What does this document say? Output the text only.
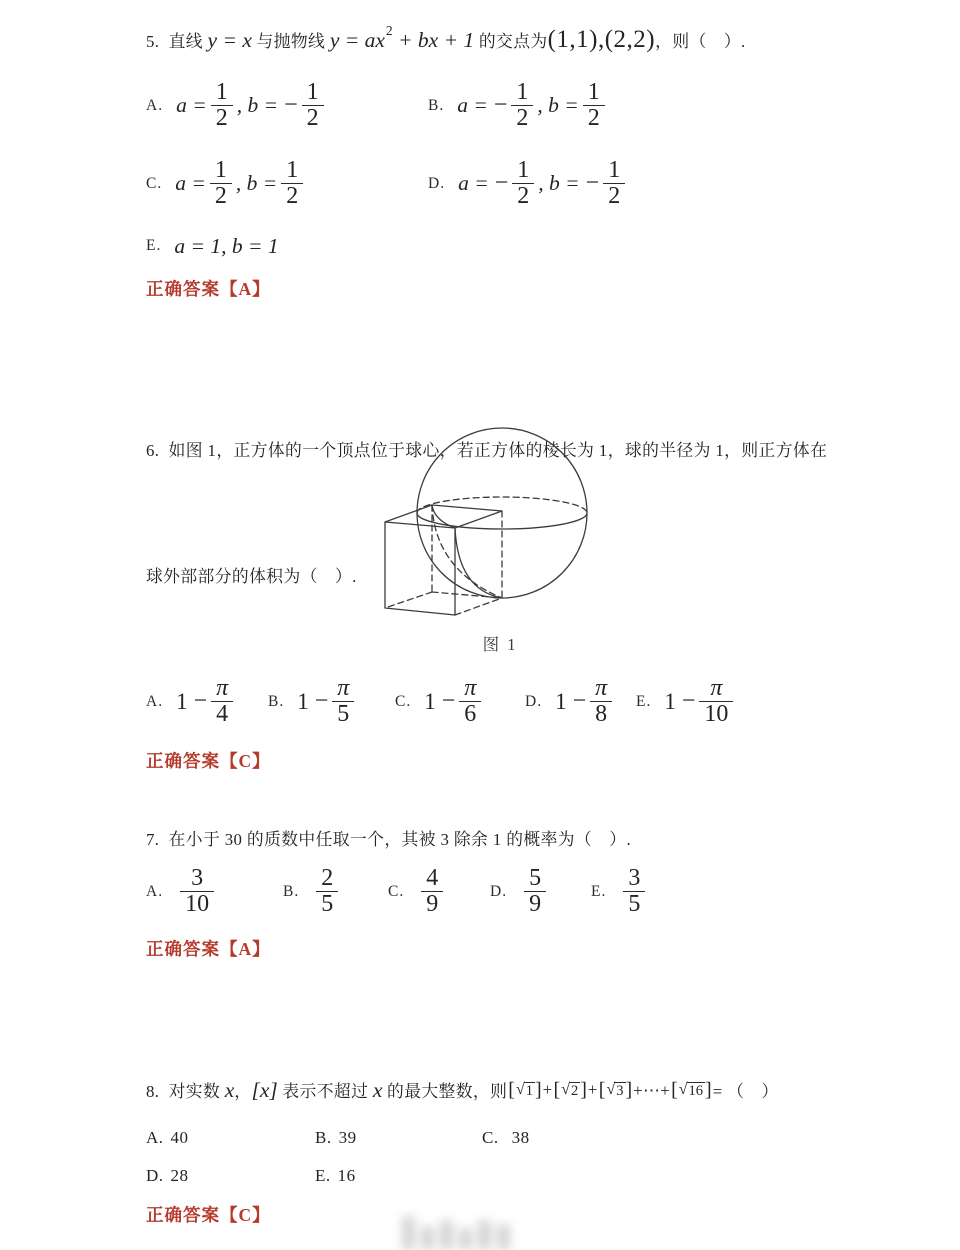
5.  直线 y = x 与抛物线 y = ax 2 + bx + 1 的交点为 (1,1),(2,2) ，则（　）.
A. $a = \frac{1}{2}$ , b = − $\frac{1}{2}$	B. a = − $\frac{1}{2}$ , $b = \frac{1}{2}$
C. $a = \frac{1}{2}$ , $b = \frac{1}{2}$	D. a = − $\frac{1}{2}$ , b = − $\frac{1}{2}$
E. a = 1, b = 1
正确答案【A】

6.  如图 1，正方体的一个顶点位于球心，若正方体的棱长为 1，球的半径为 1，则正方体在

球外部部分的体积为（　）.

图 1
A. $1 - \frac{\pi}{4} B$. $1 - \frac{\pi}{5}$	C. $1 - \frac{\pi}{6}$	D. $1 - \frac{\pi}{8} E$. $1 - \frac{\pi}{10}$
正确答案【C】
7.  在小于 30 的质数中任取一个，其被 3 除余 1 的概率为（　）.
A. $\frac{3}{10}$	B. $\frac{2}{5}$	C. $\frac{4}{9}$	D. $\frac{5}{9}$	E. $\frac{3}{5}$
正确答案【A】
8.  对实数 x ， [x] 表示不超过 x 的最大整数，则 [ √ 1 ] + [ √ 2 ] + [ √ 3 ] +⋯+ [ √ 16 ] = （　）
A. 40	B. 39	C. 38
D. 28	E. 16
正确答案【C】
